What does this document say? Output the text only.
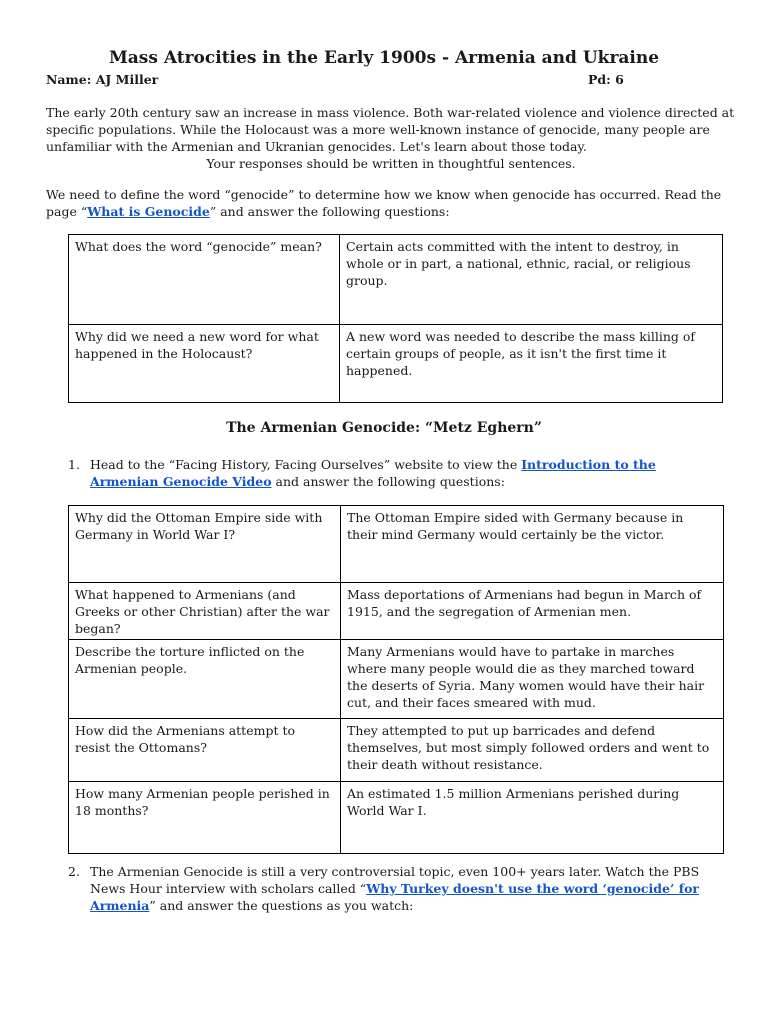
Mass Atrocities in the Early 1900s - Armenia and Ukraine
Name: AJ Miller	Pd: 6

The early 20th century saw an increase in mass violence. Both war-related violence and violence directed at specific populations. While the Holocaust was a more well-known instance of genocide, many people are unfamiliar with the Armenian and Ukranian genocides. Let's learn about those today.

Your responses should be written in thoughtful sentences.

We need to define the word “genocide” to determine how we know when genocide has occurred. Read the page “What is Genocide” and answer the following questions:

What does the word “genocide” mean?	Certain acts committed with the intent to destroy, in whole or in part, a national, ethnic, racial, or religious group.
Why did we need a new word for what happened in the Holocaust?	A new word was needed to describe the mass killing of certain groups of people, as it isn't the first time it happened.
The Armenian Genocide: “Metz Eghern”
1. Head to the “Facing History, Facing Ourselves” website to view the Introduction to the Armenian Genocide Video and answer the following questions:
Why did the Ottoman Empire side with Germany in World War I?	The Ottoman Empire sided with Germany because in their mind Germany would certainly be the victor.
What happened to Armenians (and Greeks or other Christian) after the war began?	Mass deportations of Armenians had begun in March of 1915, and the segregation of Armenian men.
Describe the torture inflicted on the Armenian people.	Many Armenians would have to partake in marches where many people would die as they marched toward the deserts of Syria. Many women would have their hair cut, and their faces smeared with mud.
How did the Armenians attempt to resist the Ottomans?	They attempted to put up barricades and defend themselves, but most simply followed orders and went to their death without resistance.
How many Armenian people perished in 18 months?	An estimated 1.5 million Armenians perished during World War I.
2. The Armenian Genocide is still a very controversial topic, even 100+ years later. Watch the PBS News Hour interview with scholars called “Why Turkey doesn't use the word ‘genocide’ for Armenia” and answer the questions as you watch:
